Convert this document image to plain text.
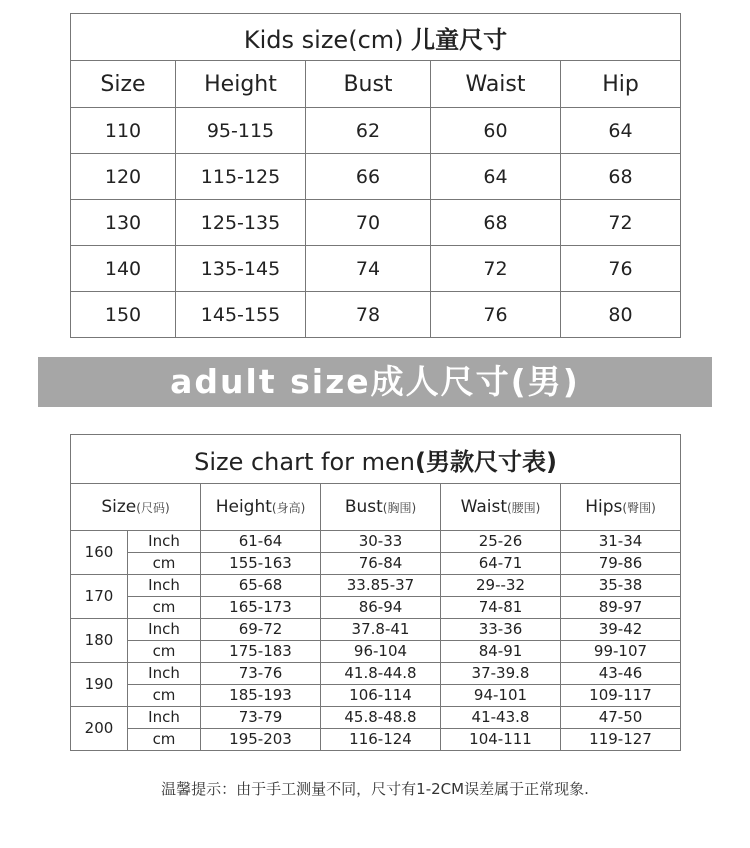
Kids size(cm) 儿童尺寸				
Size	Height	Bust	Waist	Hip
110	95-115	62	60	64
120	115-125	66	64	68
130	125-135	70	68	72
140	135-145	74	72	76
150	145-155	78	76	80
adult size成人尺寸(男)
Size chart for men(男款尺寸表)					
Size(尺码)		Height(身高)	Bust(胸围)	Waist(腰围)	Hips(臀围)
160	Inch	61-64	30-33	25-26	31-34
	cm	155-163	76-84	64-71	79-86
170	Inch	65-68	33.85-37	29--32	35-38
	cm	165-173	86-94	74-81	89-97
180	Inch	69-72	37.8-41	33-36	39-42
	cm	175-183	96-104	84-91	99-107
190	Inch	73-76	41.8-44.8	37-39.8	43-46
	cm	185-193	106-114	94-101	109-117
200	Inch	73-79	45.8-48.8	41-43.8	47-50
	cm	195-203	116-124	104-111	119-127
温馨提示：由于手工测量不同，尺寸有1-2CM误差属于正常现象.
